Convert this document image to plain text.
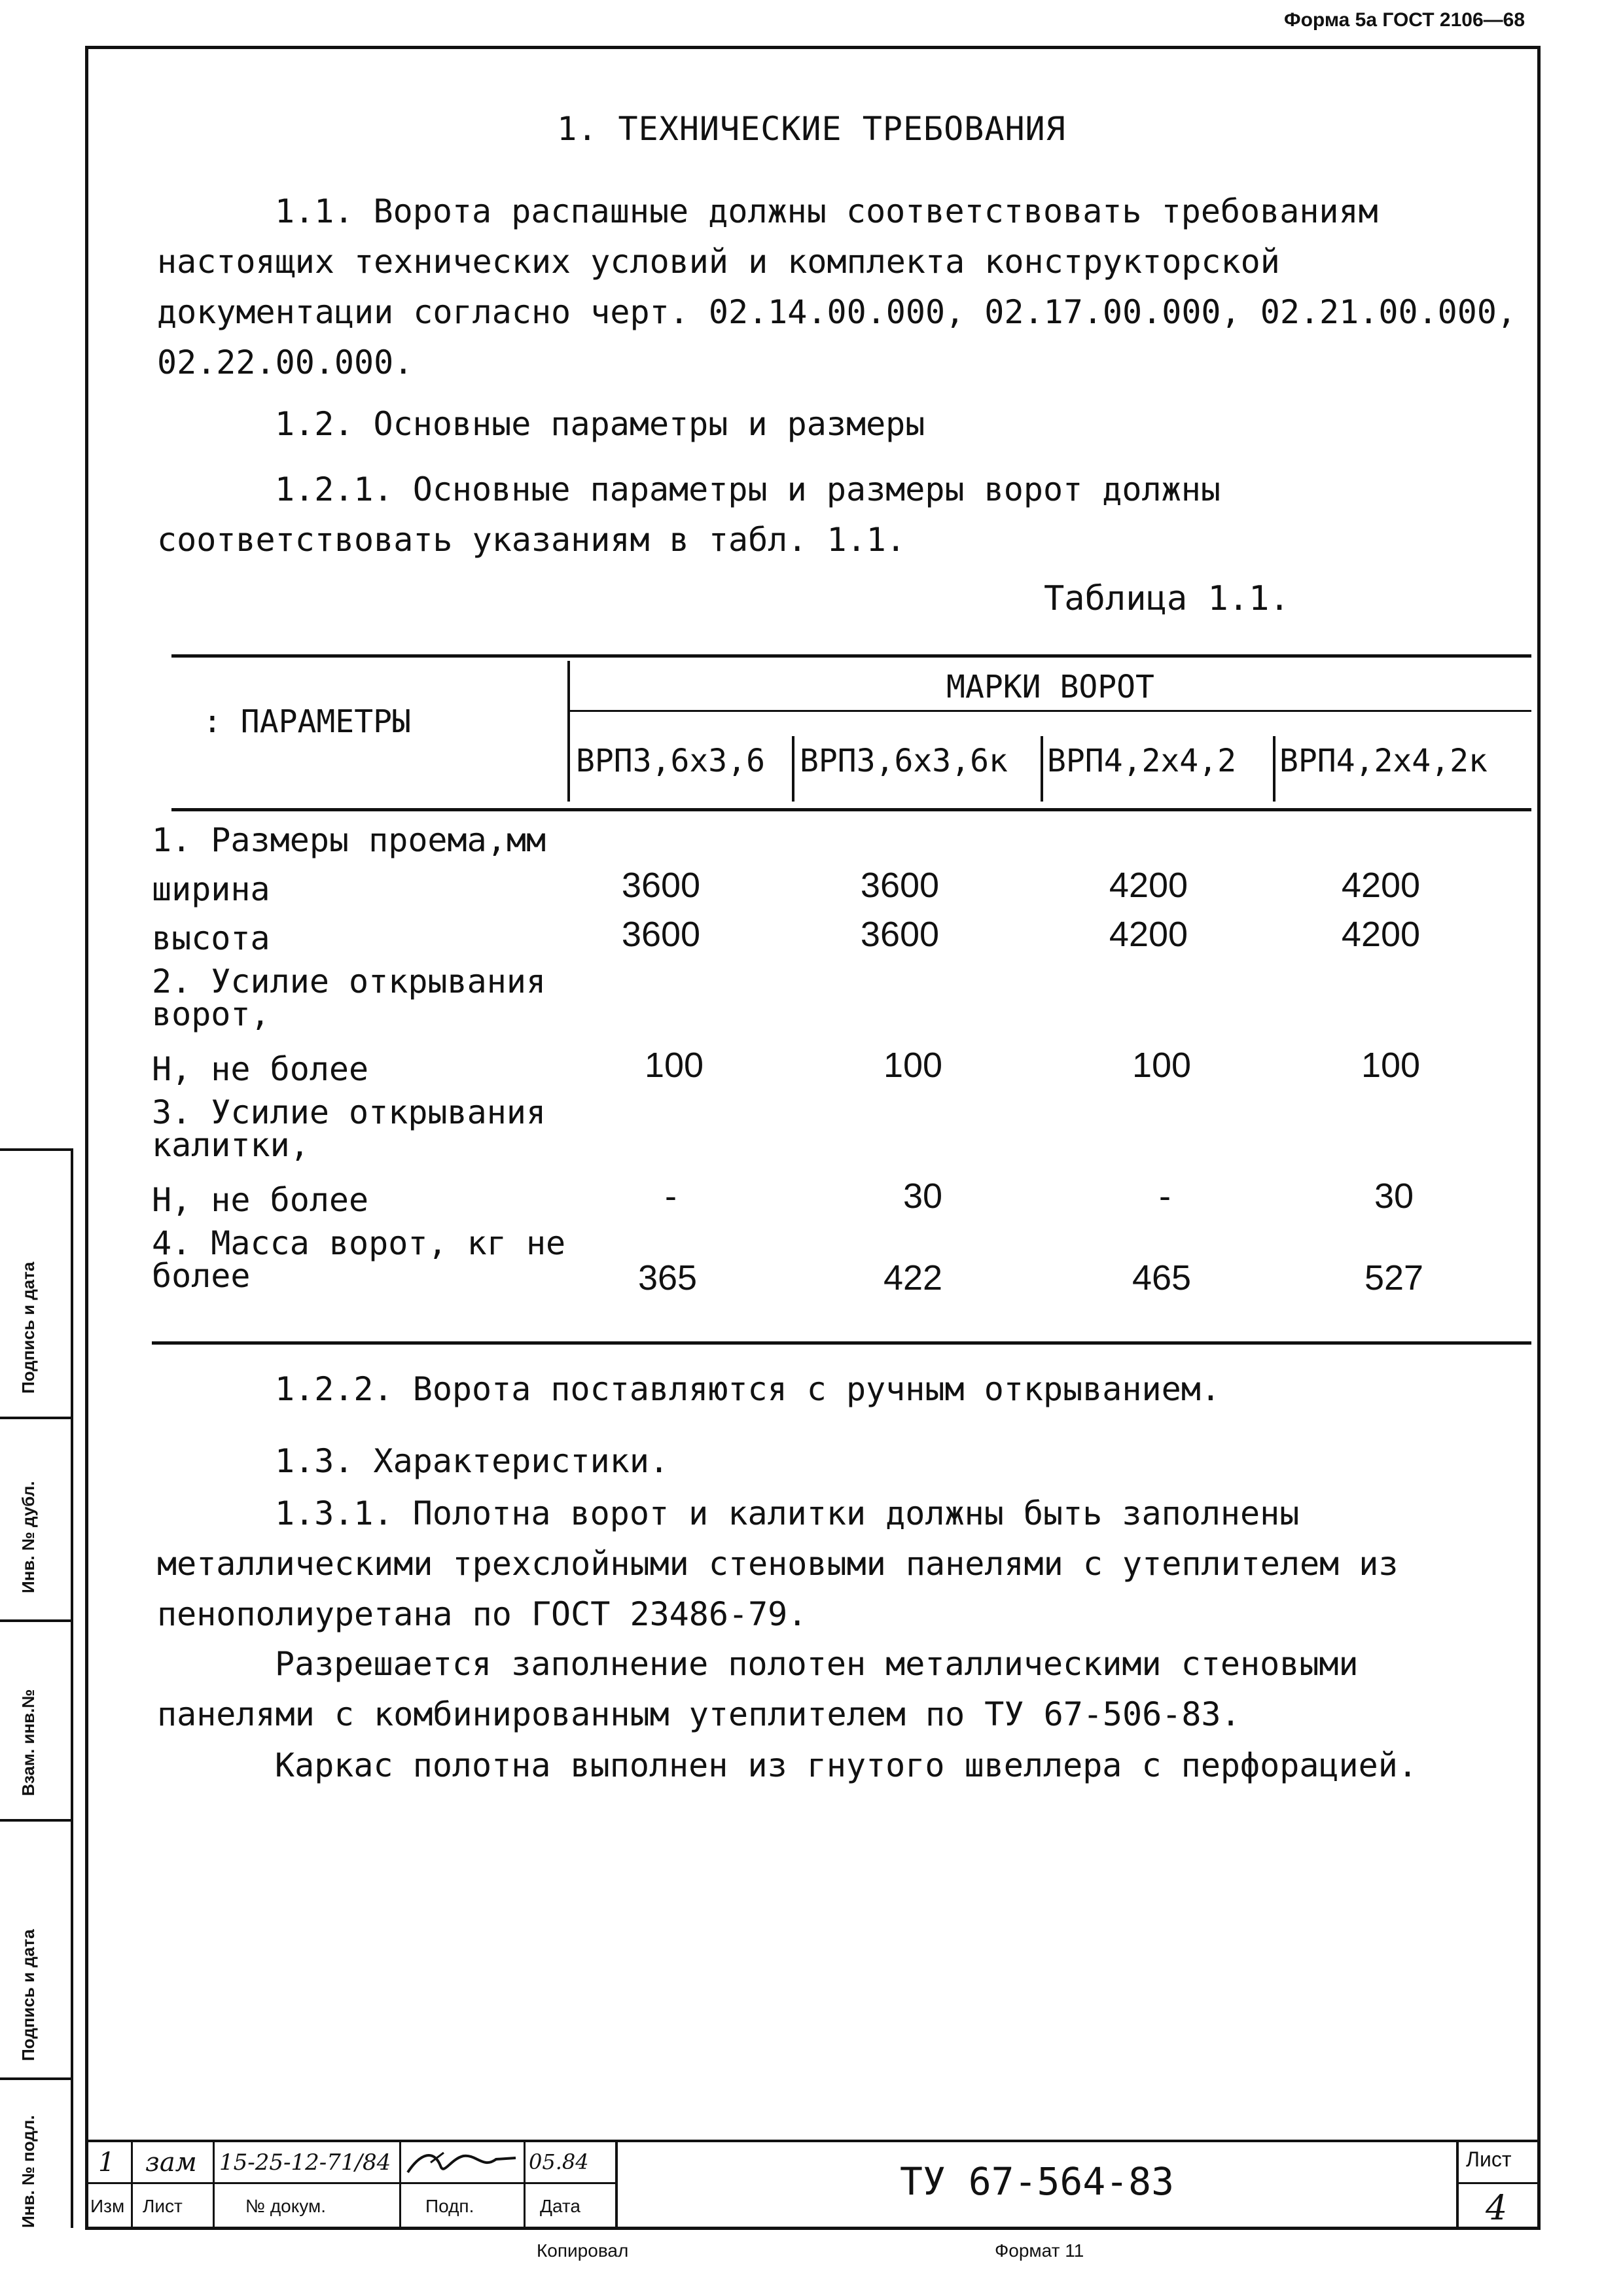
Форма 5а ГОСТ 2106—68
1. ТЕХНИЧЕСКИЕ ТРЕБОВАНИЯ

1.1. Ворота распашные должны соответствовать требованиям настоящих технических условий и комплекта конструкторской документации согласно черт. 02.14.00.000, 02.17.00.000, 02.21.00.000, 02.22.00.000.

1.2. Основные параметры и размеры

1.2.1. Основные параметры и размеры ворот должны соответствовать указаниям в табл. 1.1.

Таблица 1.1.
: ПАРАМЕТРЫ
МАРКИ ВОРОТ
ВРП3,6х3,6 ВРП3,6х3,6к ВРП4,2х4,2 ВРП4,2х4,2к
1. Размеры проема,мм
ширина	3600	3600	4200	4200
высота	3600	3600	4200	4200
2. Усилие открывания ворот,
Н, не более	100	100	100	100
3. Усилие открывания калитки,
Н, не более	-	30	-	30
4. Масса ворот, кг не более	365	422	465	527

1.2.2. Ворота поставляются с ручным открыванием.

1.3. Характеристики.

1.3.1. Полотна ворот и калитки должны быть заполнены металлическими трехслойными стеновыми панелями с утеплителем из пенополиуретана по ГОСТ 23486-79.

Разрешается заполнение полотен металлическими стеновыми панелями с комбинированным утеплителем по ТУ 67-506-83.

Каркас полотна выполнен из гнутого швеллера с перфорацией.

Инв. № подл.
Подпись и дата
Взам. инв.№
Инв. № дубл.
Подпись и дата
1 зам 15-25-12-71/84	05.84
Изм Лист	№ докум.	Подп.	Дата
ТУ 67-564-83	Лист
4
Копировал	Формат 11
